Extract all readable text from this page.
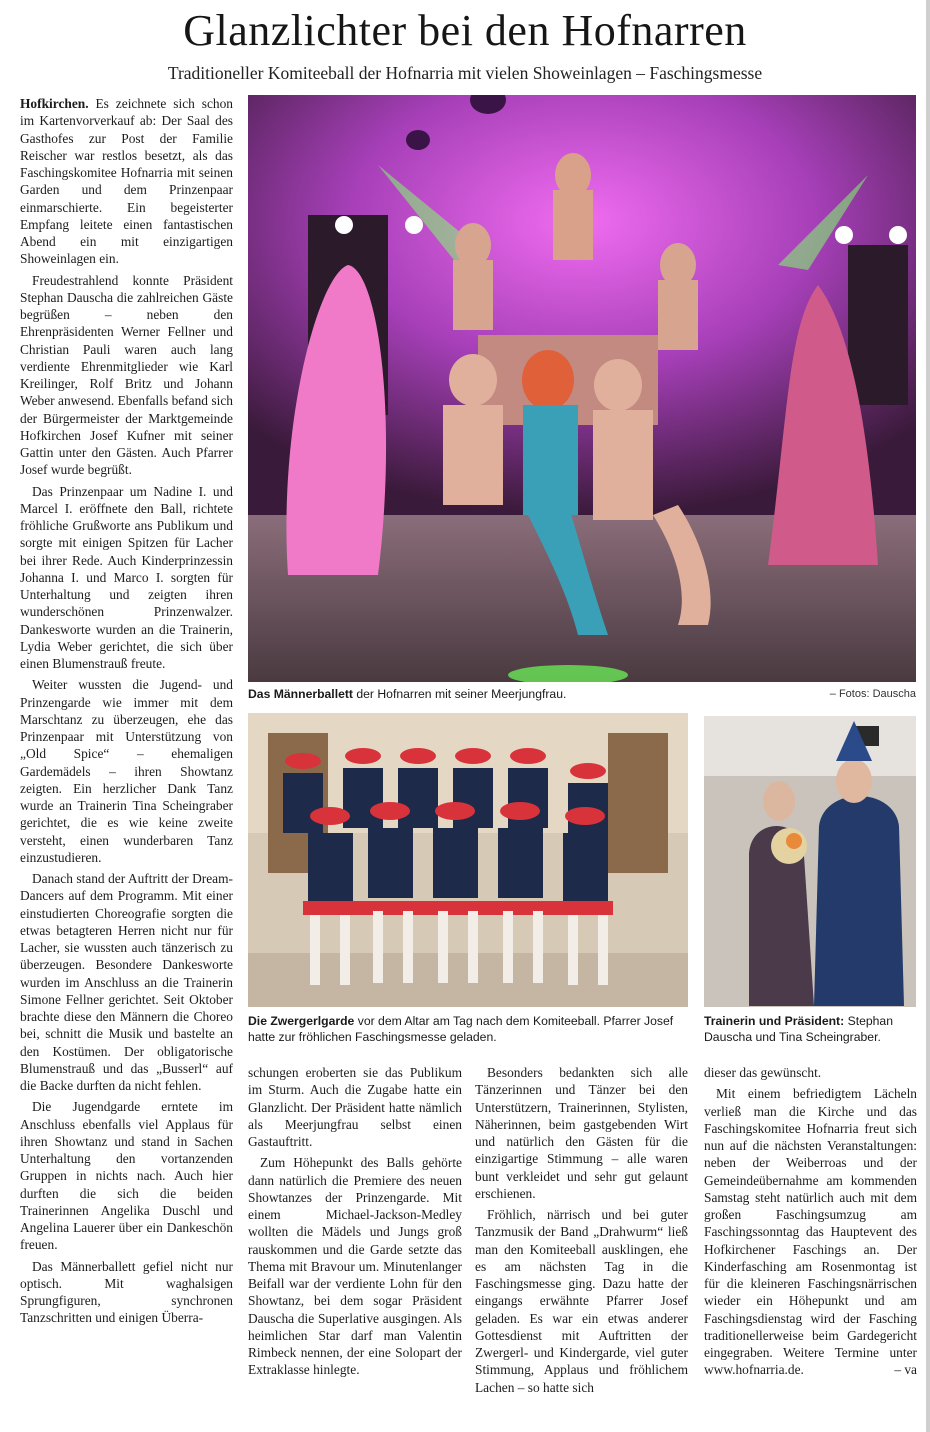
Glanzlichter bei den Hofnarren
Traditioneller Komiteeball der Hofnarria mit vielen Showeinlagen – Faschingsmesse

Hofkirchen. Es zeichnete sich schon im Kartenvorverkauf ab: Der Saal des Gasthofes zur Post der Familie Reischer war restlos besetzt, als das Faschingskomitee Hofnarria mit seinen Garden und dem Prinzenpaar einmarschierte. Ein begeisterter Empfang leitete einen fantastischen Abend ein mit einzigartigen Showeinlagen ein.

Freudestrahlend konnte Präsident Stephan Dauscha die zahlreichen Gäste begrüßen – neben den Ehrenpräsidenten Werner Fellner und Christian Pauli waren auch lang verdiente Ehrenmitglieder wie Karl Kreilinger, Rolf Britz und Johann Weber anwesend. Ebenfalls befand sich der Bürgermeister der Marktgemeinde Hofkirchen Josef Kufner mit seiner Gattin unter den Gästen. Auch Pfarrer Josef wurde begrüßt.

Das Prinzenpaar um Nadine I. und Marcel I. eröffnete den Ball, richtete fröhliche Grußworte ans Publikum und sorgte mit einigen Spitzen für Lacher bei ihrer Rede. Auch Kinderprinzessin Johanna I. und Marco I. sorgten für Unterhaltung und zeigten ihren wunderschönen Prinzenwalzer. Dankesworte wurden an die Trainerin, Lydia Weber gerichtet, die sich über einen Blumenstrauß freute.

Weiter wussten die Jugend- und Prinzengarde wie immer mit dem Marschtanz zu überzeugen, ehe das Prinzenpaar mit Unterstützung von „Old Spice“ – ehemaligen Gardemädels – ihren Showtanz zeigten. Ein herzlicher Dank Tanz wurde an Trainerin Tina Scheingraber gerichtet, die es wie keine zweite versteht, einen wunderbaren Tanz einzustudieren.

Danach stand der Auftritt der Dream-Dancers auf dem Programm. Mit einer einstudierten Choreografie sorgten die etwas betagteren Herren nicht nur für Lacher, sie wussten auch tänzerisch zu überzeugen. Besondere Dankesworte wurden im Anschluss an die Trainerin Simone Fellner gerichtet. Seit Oktober brachte diese den Männern die Choreo bei, schnitt die Musik und bastelte an den Kostümen. Der obligatorische Blumenstrauß und das „Busserl“ auf die Backe durften da nicht fehlen.

Die Jugendgarde erntete im Anschluss ebenfalls viel Applaus für ihren Showtanz und stand in Sachen Unterhaltung den vortanzenden Gruppen in nichts nach. Auch hier durften die sich die beiden Trainerinnen Angelika Duschl und Angelina Lauerer über ein Dankeschön freuen.

Das Männerballett gefiel nicht nur optisch. Mit waghalsigen Sprungfiguren, synchronen Tanzschritten und einigen Überra-

Das Männerballett der Hofnarren mit seiner Meerjungfrau.	– Fotos: Dauscha
Die Zwergerlgarde vor dem Altar am Tag nach dem Komiteeball. Pfarrer Josef hatte zur fröhlichen Faschingsmesse geladen.
Trainerin und Präsident: Stephan Dauscha und Tina Scheingraber.

schungen eroberten sie das Publikum im Sturm. Auch die Zugabe hatte ein Glanzlicht. Der Präsident hatte nämlich als Meerjungfrau selbst einen Gastauftritt.

Zum Höhepunkt des Balls gehörte dann natürlich die Premiere des neuen Showtanzes der Prinzengarde. Mit einem Michael-Jackson-Medley wollten die Mädels und Jungs groß rauskommen und die Garde setzte das Thema mit Bravour um. Minutenlanger Beifall war der verdiente Lohn für den Showtanz, bei dem sogar Präsident Dauscha die Superlative ausgingen. Als heimlichen Star darf man Valentin Rimbeck nennen, der eine Solopart der Extraklasse hinlegte.

Besonders bedankten sich alle Tänzerinnen und Tänzer bei den Unterstützern, Trainerinnen, Stylisten, Näherinnen, beim gastgebenden Wirt und natürlich den Gästen für die einzigartige Stimmung – alle waren bunt verkleidet und sehr gut gelaunt erschienen.

Fröhlich, närrisch und bei guter Tanzmusik der Band „Drahwurm“ ließ man den Komiteeball ausklingen, ehe es am nächsten Tag in die Faschingsmesse ging. Dazu hatte der eingangs erwähnte Pfarrer Josef geladen. Es war ein etwas anderer Gottesdienst mit Auftritten der Zwergerl- und Kindergarde, viel guter Stimmung, Applaus und fröhlichem Lachen – so hatte sich

dieser das gewünscht.

Mit einem befriedigtem Lächeln verließ man die Kirche und das Faschingskomitee Hofnarria freut sich nun auf die nächsten Veranstaltungen: neben der Weiberroas und der Gemeindeübernahme am kommenden Samstag steht natürlich auch mit dem großen Faschingsumzug am Faschingssonntag das Hauptevent des Hofkirchener Faschings an. Der Kinderfasching am Rosenmontag ist für die kleineren Faschingsnärrischen wieder ein Höhepunkt und am Faschingsdienstag wird der Fasching traditionellerweise beim Gardegericht eingegraben. Weitere Termine unter www.hofnarria.de.	– va
